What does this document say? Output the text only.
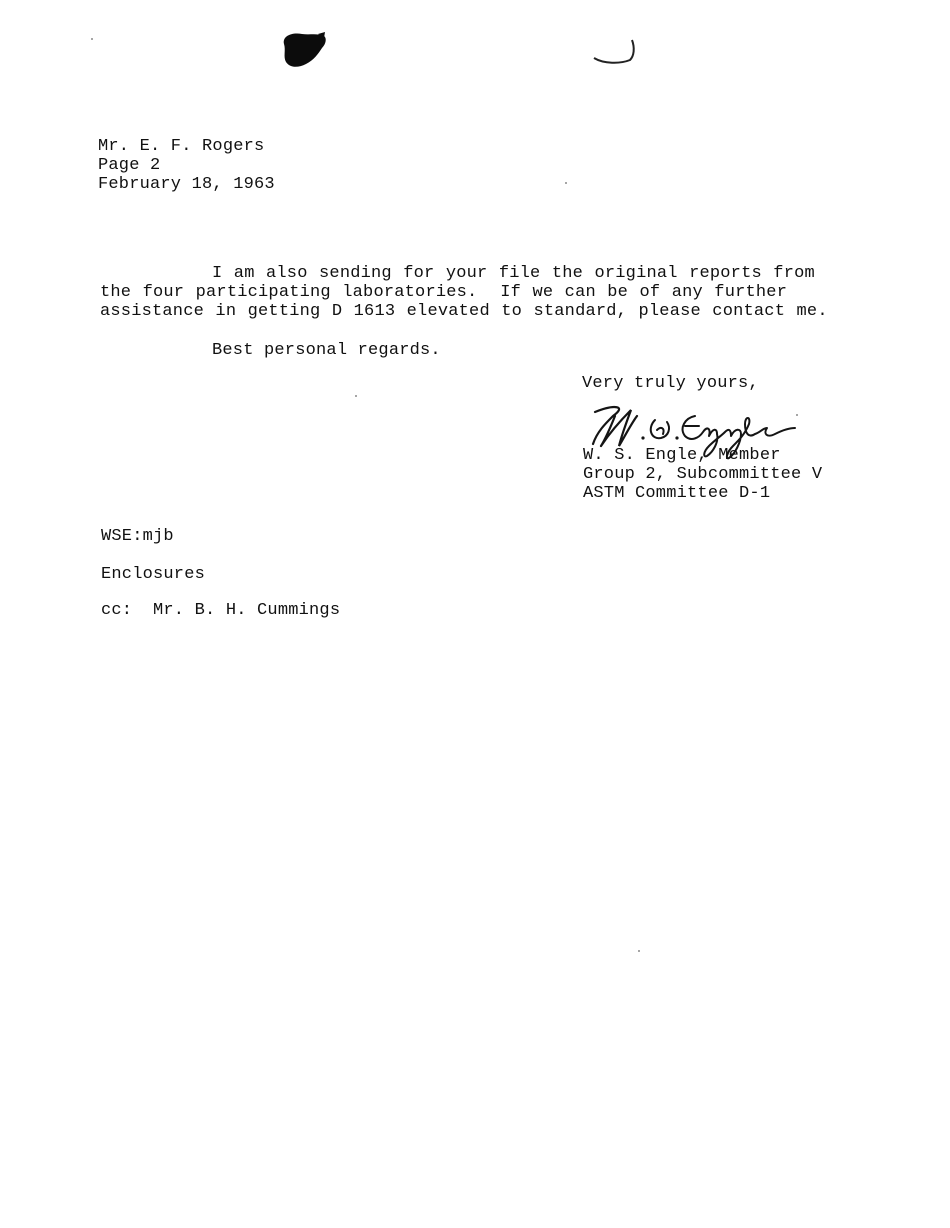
Mr. E. F. Rogers
Page 2
February 18, 1963
I am also sending for your file the original reports from
the four participating laboratories.  If we can be of any further
assistance in getting D 1613 elevated to standard, please contact me.
Best personal regards.
Very truly yours,
W. S. Engle, Member
Group 2, Subcommittee V
ASTM Committee D-1
WSE:mjb
Enclosures
cc:  Mr. B. H. Cummings
